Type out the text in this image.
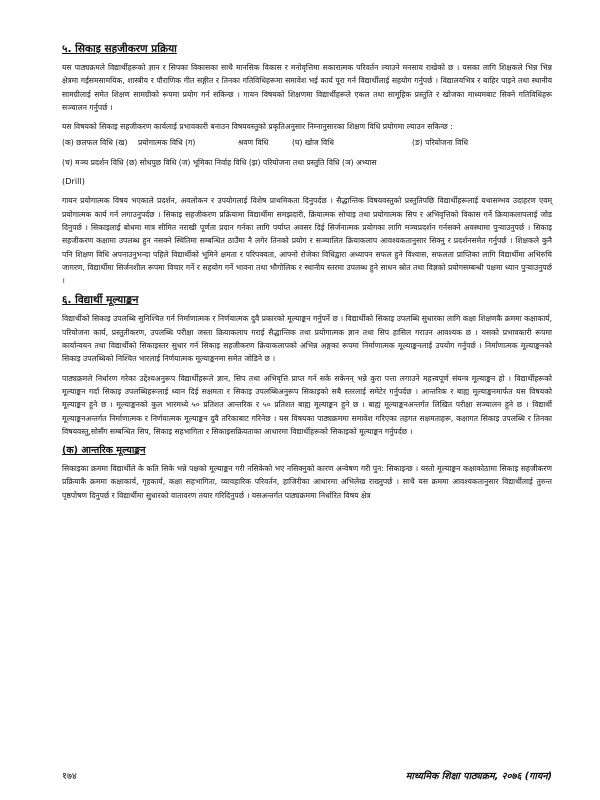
५. सिकाइ सहजीकरण प्रक्रिया

यस पाठ्यक्रमले विद्यार्थीहरूको ज्ञान र सिपका विकासका साथै मानसिक विकास र मनोवृत्तिमा सकारात्मक परिवर्तन ल्याउने मनसाय राखेको छ । यसका लागि शिक्षकले भिन्न भिन्न क्षेत्रमा गईसमसामयिक, शास्त्रीय र पौराणिक गीत सङ्गीत र तिनका गतिविधिहरूमा समावेश भई कार्य पूरा गर्न विद्यार्थीलाई सहयोग गर्नुपर्छ । विद्यालयभित्र र बाहिर पाइने तथा स्थानीय सामग्रीलाई समेत शिक्षण सामग्रीको रूपमा प्रयोग गर्न सकिन्छ । गायन विषयको शिक्षणमा विद्यार्थीहरूले एकल तथा सामूहिक प्रस्तुति र खोजका माध्यमबाट सिक्ने गतिविधिहरू सञ्चालन गर्नुपर्छ ।

यस विषयको सिकाइ सहजीकरण कार्यलाई प्रभावकारी बनाउन विषयवस्तुको प्रकृतिअनुसार निम्नानुसारका शिक्षण विधि प्रयोगमा ल्याउन सकिन्छ :

(क) छलफल विधि (ख)	प्रयोगात्मक विधि (ग)	श्रवण विधि	(घ) खोज विधि	(ङ) परियोजना विधि
(च) मञ्च प्रदर्शन विधि (छ) सोधपुछ विधि (ज) भूमिका निर्वाह विधि (झ) परियोजना तथा प्रस्तुति विधि (ञ) अभ्यास

(Drill)

गायन प्रयोगात्मक विषय भएकाले प्रदर्शन, अवलोकन र उपयोगलाई विशेष प्राथमिकता दिनुपर्दछ । सैद्धान्तिक विषयवस्तुको प्रस्तुतिपछि विद्यार्थीहरूलाई यथासम्भव उदाहरण एवम् प्रयोगात्मक कार्य गर्न लगाउनुपर्दछ । सिकाइ सहजीकरण प्रक्रियामा विद्यार्थीमा समझदारी, क्रियात्मक सोचाइ तथा प्रयोगात्मक सिप र अभिवृत्तिको विकास गर्ने क्रियाकलापलाई जोड दिनुपर्छ । सिकाइलाई बोधमा मात्र सीमित नराखी पूर्णता प्रदान गर्नका लागि पर्याप्त अवसर दिई सिर्जनात्मक प्रयोगका लागि मञ्चप्रदर्शन गर्नसक्ने अवस्थामा पुऱ्याउनुपर्छ । सिकाइ सहजीकरण कक्षामा उपलब्ध हुन नसक्ने स्थितिमा सम्बन्धित ठाउँमा नै लगेर तिनको प्रयोग र सञ्चालित क्रियाकलाप आवश्यकतानुसार सिक्नु र प्रदर्शनसमेत गर्नुपर्छ । शिक्षकले कुनै पनि शिक्षण विधि अपनाउनुभन्दा पहिले विद्यार्थीको भूमिने क्षमता र परिपक्वता, आफ्नो रोजेका विधिद्वारा अध्यापन सफल हुने विश्वास, सफलता प्राप्तिका लागि विद्यार्थीमा अभिरुचि जागरण, विद्यार्थीमा सिर्जनशील रूपमा विचार गर्ने र सहयोग गर्ने भावना तथा भौगोलिक र स्थानीय स्तरमा उपलब्ध हुने साधन स्रोत तथा विज्ञको प्रयोगसम्बन्धी पक्षमा ध्यान पुऱ्याउनुपर्छ ।

६. विद्यार्थी मूल्याङ्कन

विद्यार्थीको सिकाइ उपलब्धि सुनिश्चित गर्न निर्माणात्मक र निर्णयात्मक दुवै प्रकारको मूल्याङ्कन गर्नुपर्ने छ । विद्यार्थीको सिकाइ उपलब्धि सुधारका लागि कक्षा शिक्षणकै क्रममा कक्षाकार्य, परियोजना कार्य, प्रस्तुतीकरण, उपलब्धि परीक्षा जस्ता क्रियाकलाप गराई सैद्धान्तिक तथा प्रयोगात्मक ज्ञान तथा सिप हासिल गराउन आवश्यक छ । यसको प्रभावकारी रूपमा कार्यान्वयन तथा विद्यार्थीको सिकाइस्तर सुधार गर्न सिकाइ सहजीकरण क्रियाकलापको अभिन्न अङ्गका रूपमा निर्माणात्मक मूल्याङ्कनलाई उपयोग गर्नुपर्छ । निर्माणात्मक मूल्याङ्कनको सिकाइ उपलब्धिको निश्चित भारलाई निर्णयात्मक मूल्याङ्कनमा समेत जोडिने छ ।

पाठ्यक्रमले निर्धारण गरेका उद्देश्यअनुरूप विद्यार्थीहरूले ज्ञान, सिप तथा अभिवृत्ति प्राप्त गर्न सके सकेनन् भन्ने कुरा पत्ता लगाउने महत्त्वपूर्ण संयन्त्र मूल्याङ्कन हो । विद्यार्थीहरूको मूल्याङ्कन गर्दा सिकाइ उपलब्धिहरूलाई ध्यान दिई सक्षमता र सिकाइ उपलब्धिअनुरूप सिकाइको सबै स्तरलाई समेटेर गर्नुपर्दछ । आन्तरिक र बाह्य मूल्याङ्कनमार्फत यस विषयको मूल्याङ्कन हुने छ । मूल्याङ्कनको कुल भारमध्ये ५० प्रतिशत आन्तरिक र ५० प्रतिशत बाह्य मूल्याङ्कन हुने छ । बाह्य मूल्याङ्कनअन्तर्गत लिखित परीक्षा सञ्चालन हुने छ । विद्यार्थी मूल्याङ्कनअन्तर्गत निर्माणात्मक र निर्णयात्मक मूल्याङ्कन दुवै तरिकाबाट गरिनेछ । यस विषयका पाठ्यक्रममा समावेश गरिएका तहगत सक्षमताहरू, कक्षागत सिकाइ उपलब्धि र तिनका विषयवस्तु,सोसँग सम्बन्धित सिप, सिकाइ सहभागिता र सिकाइसक्रियताका आधारमा विद्यार्थीहरूको सिकाइको मूल्याङ्कन गर्नुपर्दछ ।

(क) आन्तरिक मूल्याङ्कन

सिकाइका क्रममा विद्यार्थीले के कति सिके भन्ने पक्षको मूल्याङ्कन गरी नसिकेको भए नसिक्नुको कारण अन्वेषण गरी पुन: सिकाइन्छ । यस्तो मूल्याङ्कन कक्षाकोठामा सिकाइ सहजीकरण प्रक्रियाकै क्रममा कक्षाकार्य, गृहकार्य, कक्षा सहभागिता, व्यावहारिक परिवर्तन, हाजिरीका आधारमा अभिलेख राख्नुपर्छ । साथै यस क्रममा आवश्यकतानुसार विद्यार्थीलाई तुरुन्त पृष्ठपोषण दिनुपर्छ र विद्यार्थीमा सुधारको वातावरण तयार गरिदिनुपर्छ । यसअन्तर्गत पाठ्यक्रममा निर्धारित विषय क्षेत्र

१७४	माध्यमिक शिक्षा पाठ्यक्रम, २०७६ (गायन)
